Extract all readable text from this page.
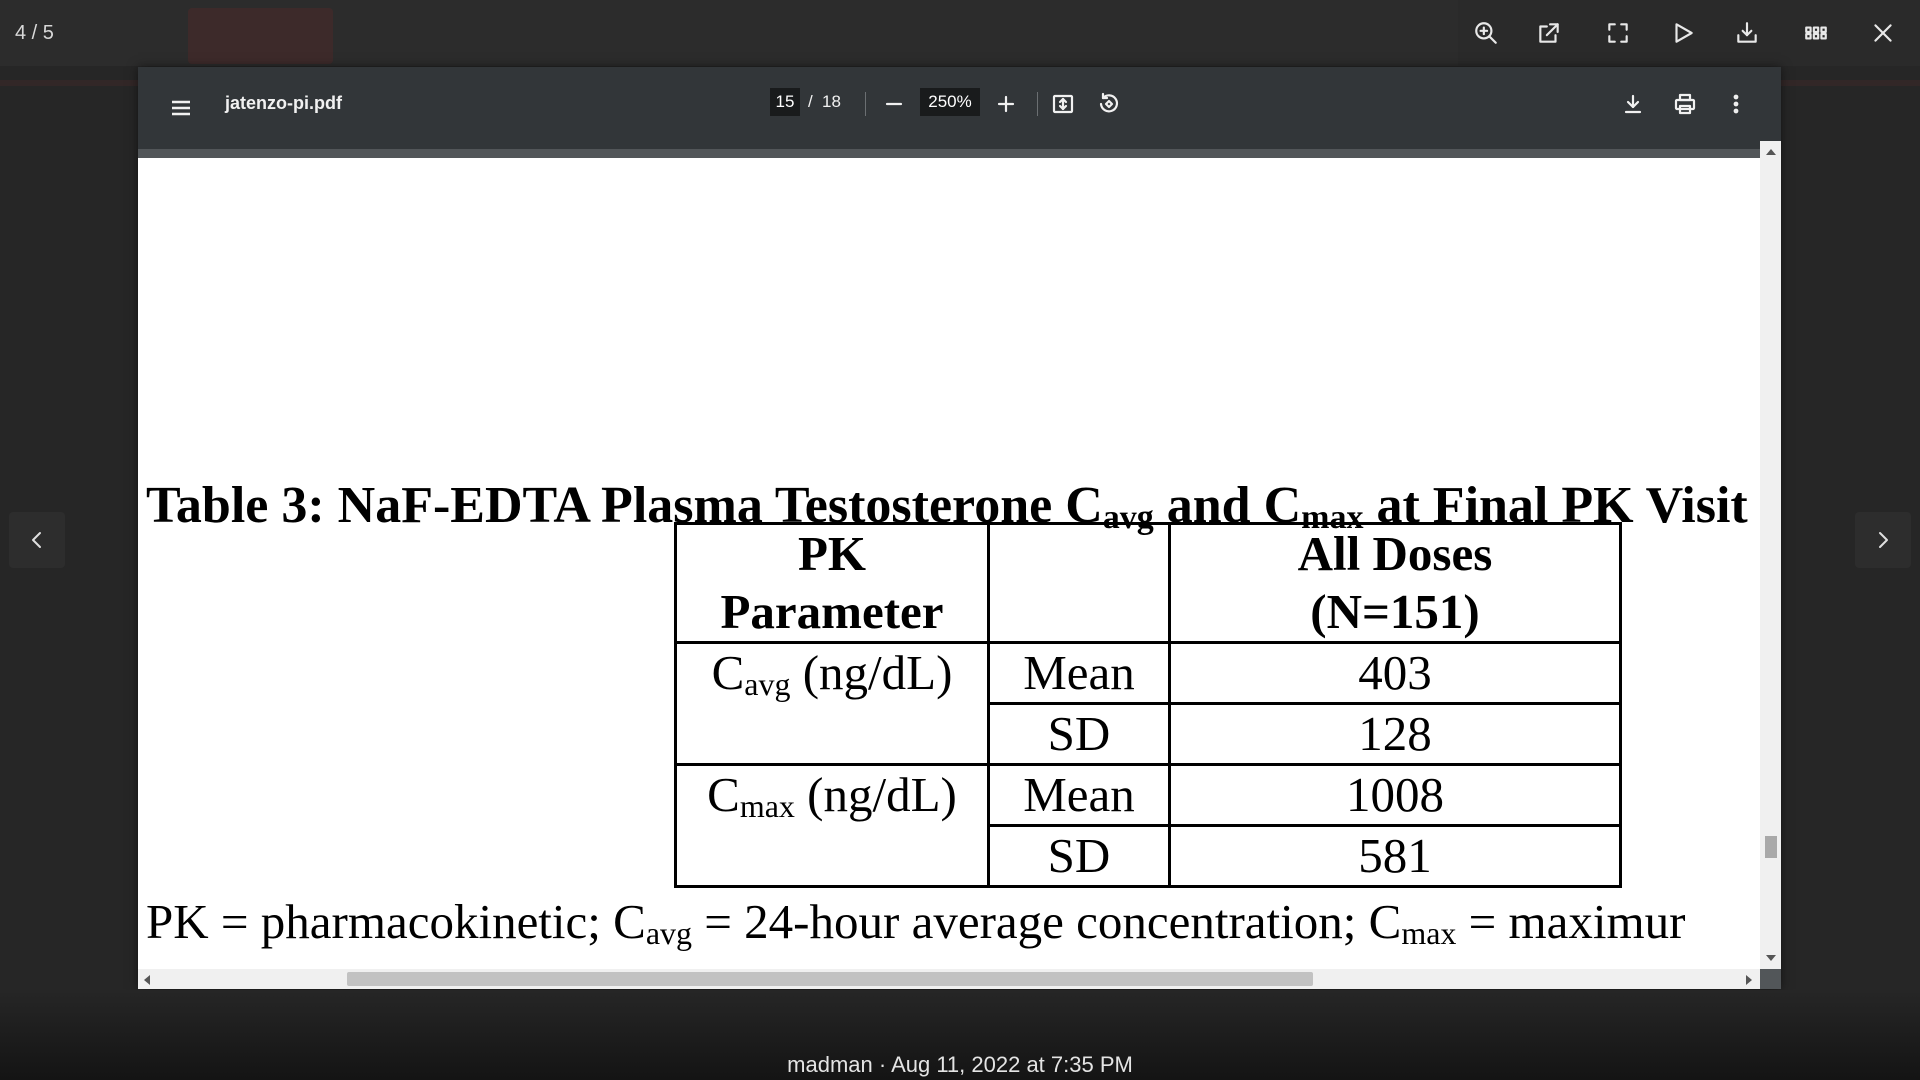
4 / 5
jatenzo-pi.pdf
15	/ 18
250%
Table 3: NaF-EDTA Plasma Testosterone $C_{avg}$ and $C_{max}$ at Final PK Visit
PK
Parameter		All Doses
(N=151)
$C_{avg}$ (ng/dL)	Mean	403
	SD	128
$C_{max}$ (ng/dL)	Mean	1008
	SD	581
PK = pharmacokinetic; $C_{avg}$ = 24-hour average concentration; $C_{max}$ = maximur
madman · Aug 11, 2022 at 7:35 PM
